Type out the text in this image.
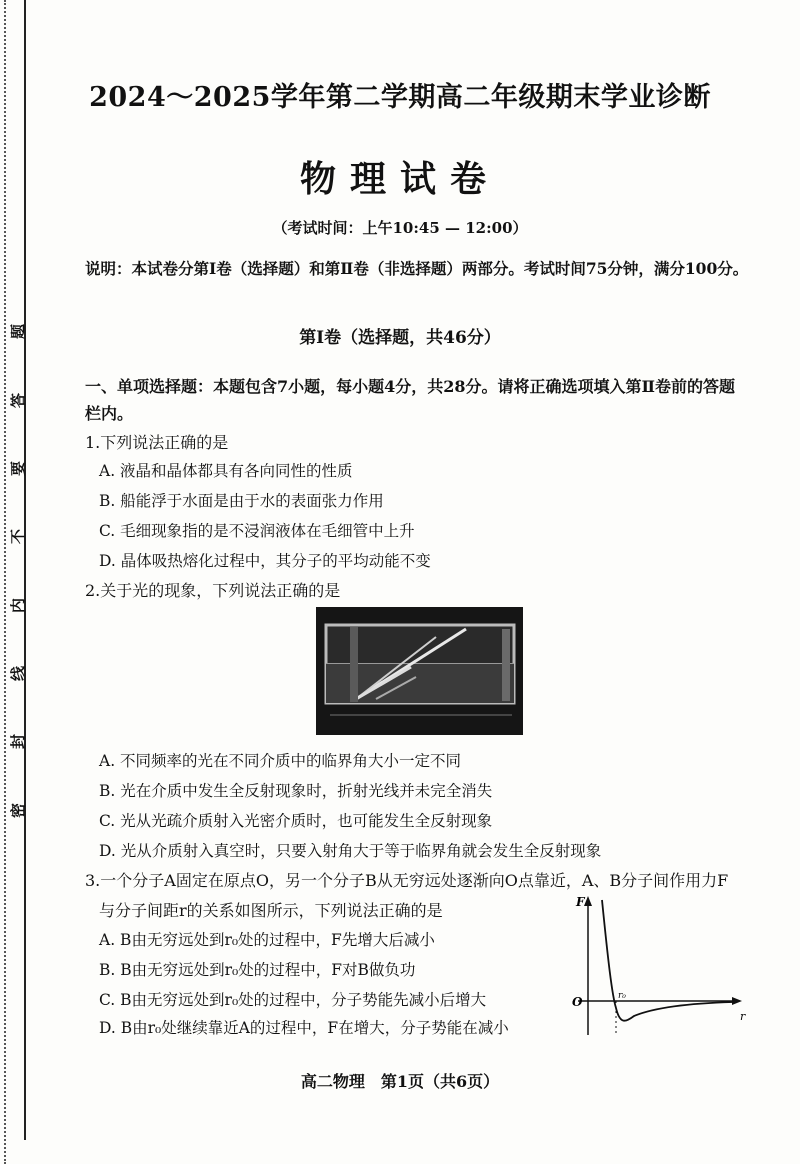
题
答
要
不
内
线
封
密
2024～2025学年第二学期高二年级期末学业诊断
物理试卷
（考试时间：上午10:45 — 12:00）
说明：本试卷分第Ⅰ卷（选择题）和第Ⅱ卷（非选择题）两部分。考试时间75分钟，满分100分。
第Ⅰ卷（选择题，共46分）
一、单项选择题：本题包含7小题，每小题4分，共28分。请将正确选项填入第Ⅱ卷前的答题栏内。
1.下列说法正确的是
A. 液晶和晶体都具有各向同性的性质
B. 船能浮于水面是由于水的表面张力作用
C. 毛细现象指的是不浸润液体在毛细管中上升
D. 晶体吸热熔化过程中，其分子的平均动能不变
2.关于光的现象，下列说法正确的是
A. 不同频率的光在不同介质中的临界角大小一定不同
B. 光在介质中发生全反射现象时，折射光线并未完全消失
C. 光从光疏介质射入光密介质时，也可能发生全反射现象
D. 光从介质射入真空时，只要入射角大于等于临界角就会发生全反射现象
3.一个分子A固定在原点O，另一个分子B从无穷远处逐渐向O点靠近，A、B分子间作用力F
与分子间距r的关系如图所示，下列说法正确的是
A. B由无穷远处到r₀处的过程中，F先增大后减小
B. B由无穷远处到r₀处的过程中，F对B做负功
C. B由无穷远处到r₀处的过程中，分子势能先减小后增大
D. B由r₀处继续靠近A的过程中，F在增大，分子势能在减小
F
r
O	r₀
高二物理　第1页（共6页）
